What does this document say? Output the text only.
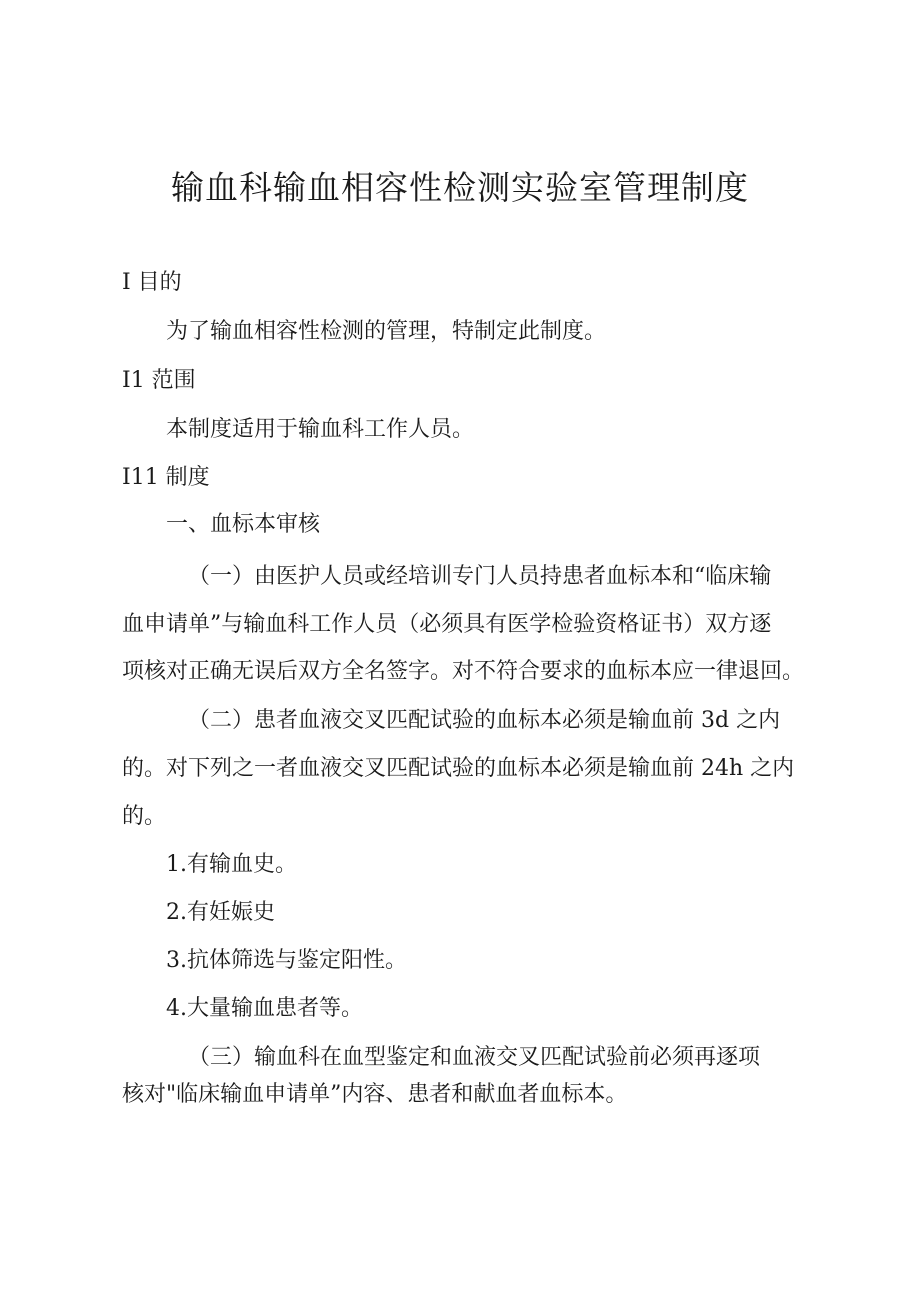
输血科输血相容性检测实验室管理制度
I 目的
为了输血相容性检测的管理，特制定此制度。
I1 范围
本制度适用于输血科工作人员。
I11 制度
一、血标本审核
（一）由医护人员或经培训专门人员持患者血标本和“临床输
血申请单”与输血科工作人员（必须具有医学检验资格证书）双方逐
项核对正确无误后双方全名签字。对不符合要求的血标本应一律退回。
（二）患者血液交叉匹配试验的血标本必须是输血前 3d 之内
的。对下列之一者血液交叉匹配试验的血标本必须是输血前 24h 之内
的。
1.有输血史。
2.有妊娠史
3.抗体筛选与鉴定阳性。
4.大量输血患者等。
（三）输血科在血型鉴定和血液交叉匹配试验前必须再逐项
核对"临床输血申请单”内容、患者和献血者血标本。
